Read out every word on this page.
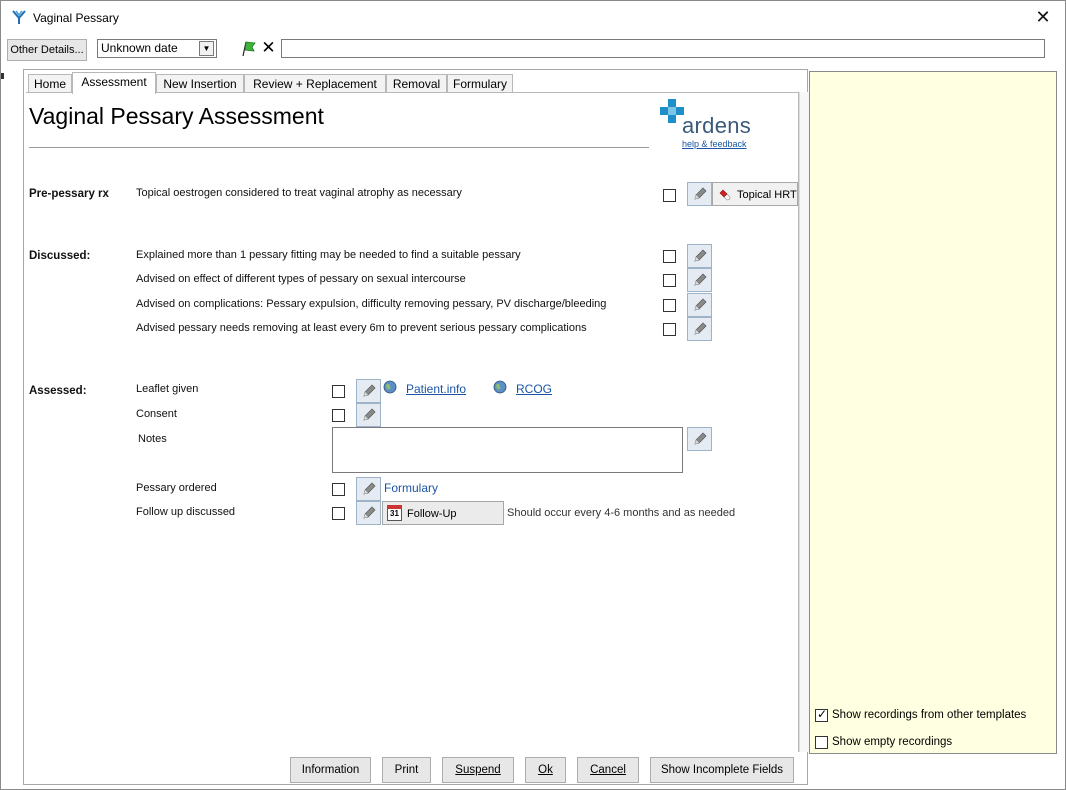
Vaginal Pessary	✕
Other Details...	Unknown date	▼	✕
Home	Assessment	New Insertion	Review + Replacement	Removal	Formulary
Vaginal Pessary Assessment	ardens
help & feedback
Pre-pessary rx Topical oestrogen considered to treat vaginal atrophy as necessary	Topical HRT
Discussed:	Explained more than 1 pessary fitting may be needed to find a suitable pessary
Advised on effect of different types of pessary on sexual intercourse
Advised on complications: Pessary expulsion, difficulty removing pessary, PV discharge/bleeding
Advised pessary needs removing at least every 6m to prevent serious pessary complications
Assessed:	Leaflet given	Patient.info	RCOG
Consent
Notes
Pessary ordered	Formulary
Follow up discussed	31 Follow-Up	Should occur every 4-6 months and as needed
✓ Show recordings from other templates
Show empty recordings
Information	Print	Suspend	Ok	Cancel	Show Incomplete Fields
